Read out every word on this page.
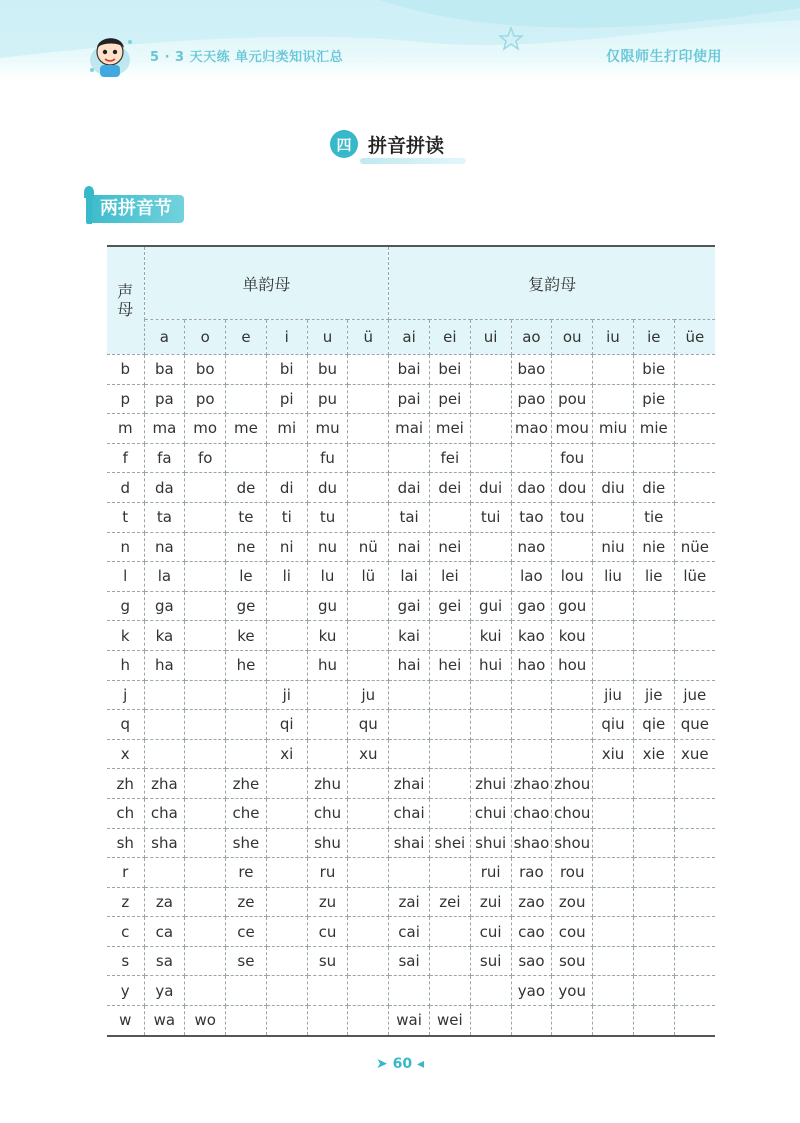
5 · 3 天天练 单元归类知识汇总	仅限师生打印使用
四 拼音拼读
两拼音节
声母	单韵母						复韵母							
	a	o	e	i	u	ü	ai	ei	ui	ao	ou	iu	ie	üe
b	ba	bo		bi	bu		bai	bei		bao			bie	
p	pa	po		pi	pu		pai	pei		pao	pou		pie	
m	ma	mo	me	mi	mu		mai	mei		mao	mou	miu	mie	
f	fa	fo			fu			fei			fou			
d	da		de	di	du		dai	dei	dui	dao	dou	diu	die	
t	ta		te	ti	tu		tai		tui	tao	tou		tie	
n	na		ne	ni	nu	nü	nai	nei		nao		niu	nie	nüe
l	la		le	li	lu	lü	lai	lei		lao	lou	liu	lie	lüe
g	ga		ge		gu		gai	gei	gui	gao	gou			
k	ka		ke		ku		kai		kui	kao	kou			
h	ha		he		hu		hai	hei	hui	hao	hou			
j				ji		ju						jiu	jie	jue
q				qi		qu						qiu	qie	que
x				xi		xu						xiu	xie	xue
zh	zha		zhe		zhu		zhai		zhui	zhao	zhou			
ch	cha		che		chu		chai		chui	chao	chou			
sh	sha		she		shu		shai	shei	shui	shao	shou			
r			re		ru				rui	rao	rou			
z	za		ze		zu		zai	zei	zui	zao	zou			
c	ca		ce		cu		cai		cui	cao	cou			
s	sa		se		su		sai		sui	sao	sou			
y	ya									yao	you			
w	wa	wo					wai	wei						
➤ 60 ◂
